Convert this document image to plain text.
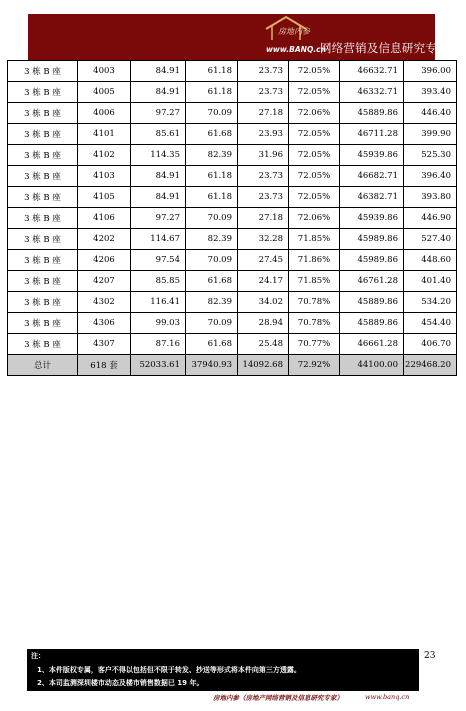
房地内参
www.BANQ.cn
网络营销及信息研究专家
3 栋 B 座	4003	84.91	61.18	23.73	72.05%	46632.71	396.00
3 栋 B 座	4005	84.91	61.18	23.73	72.05%	46332.71	393.40
3 栋 B 座	4006	97.27	70.09	27.18	72.06%	45889.86	446.40
3 栋 B 座	4101	85.61	61.68	23.93	72.05%	46711.28	399.90
3 栋 B 座	4102	114.35	82.39	31.96	72.05%	45939.86	525.30
3 栋 B 座	4103	84.91	61.18	23.73	72.05%	46682.71	396.40
3 栋 B 座	4105	84.91	61.18	23.73	72.05%	46382.71	393.80
3 栋 B 座	4106	97.27	70.09	27.18	72.06%	45939.86	446.90
3 栋 B 座	4202	114.67	82.39	32.28	71.85%	45989.86	527.40
3 栋 B 座	4206	97.54	70.09	27.45	71.86%	45989.86	448.60
3 栋 B 座	4207	85.85	61.68	24.17	71.85%	46761.28	401.40
3 栋 B 座	4302	116.41	82.39	34.02	70.78%	45889.86	534.20
3 栋 B 座	4306	99.03	70.09	28.94	70.78%	45889.86	454.40
3 栋 B 座	4307	87.16	61.68	25.48	70.77%	46661.28	406.70
总计	618 套	52033.61	37940.93	14092.68	72.92%	44100.00	229468.20
23
注：
1、本件版权专属，客户不得以包括但不限于转发、抄送等形式将本件向第三方透露。
2、本司监测深圳楼市动态及楼市销售数据已 19 年。
房地内参（房地产网络营销及信息研究专家）	www.banq.cn
